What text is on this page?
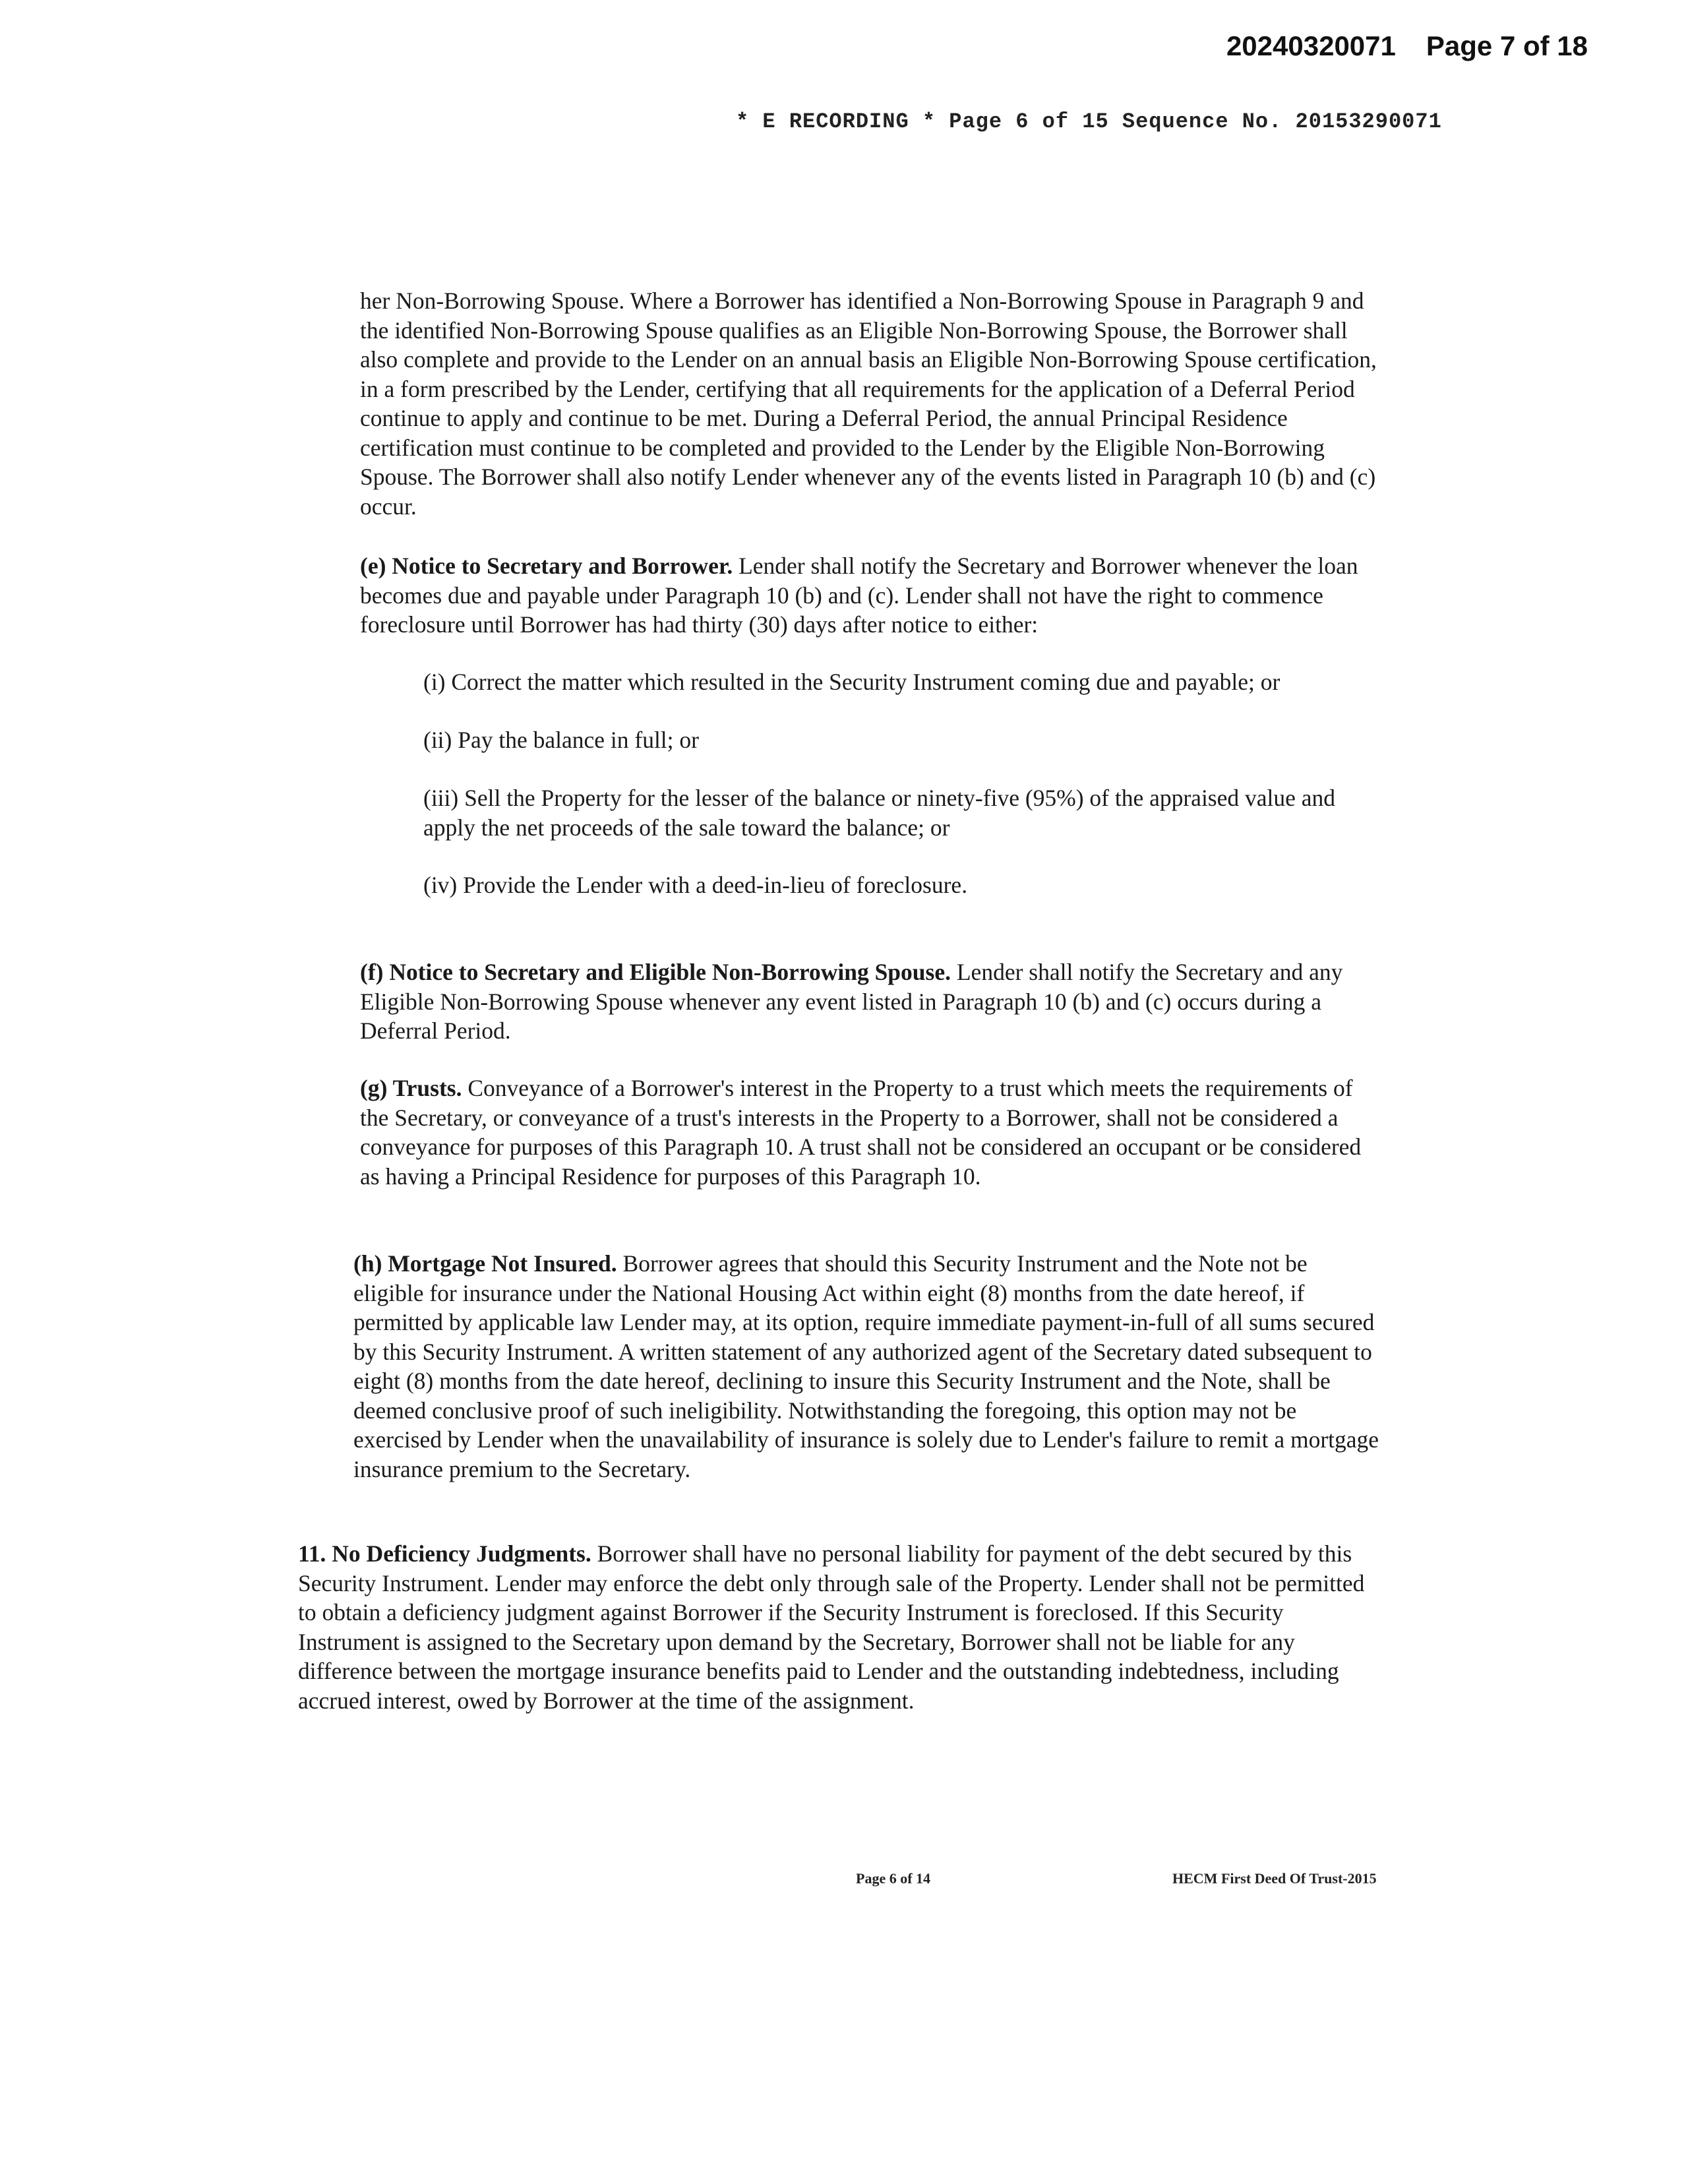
20240320071 Page 7 of 18
* E RECORDING * Page 6 of 15 Sequence No. 20153290071

her Non-Borrowing Spouse. Where a Borrower has identified a Non-Borrowing Spouse in Paragraph 9 and the identified Non-Borrowing Spouse qualifies as an Eligible Non-Borrowing Spouse, the Borrower shall also complete and provide to the Lender on an annual basis an Eligible Non-Borrowing Spouse certification, in a form prescribed by the Lender, certifying that all requirements for the application of a Deferral Period continue to apply and continue to be met. During a Deferral Period, the annual Principal Residence certification must continue to be completed and provided to the Lender by the Eligible Non-Borrowing Spouse. The Borrower shall also notify Lender whenever any of the events listed in Paragraph 10 (b) and (c) occur.

(e) Notice to Secretary and Borrower. Lender shall notify the Secretary and Borrower whenever the loan becomes due and payable under Paragraph 10 (b) and (c). Lender shall not have the right to commence foreclosure until Borrower has had thirty (30) days after notice to either:

(i) Correct the matter which resulted in the Security Instrument coming due and payable; or

(ii) Pay the balance in full; or

(iii) Sell the Property for the lesser of the balance or ninety-five (95%) of the appraised value and apply the net proceeds of the sale toward the balance; or

(iv) Provide the Lender with a deed-in-lieu of foreclosure.

(f) Notice to Secretary and Eligible Non-Borrowing Spouse. Lender shall notify the Secretary and any Eligible Non-Borrowing Spouse whenever any event listed in Paragraph 10 (b) and (c) occurs during a Deferral Period.

(g) Trusts. Conveyance of a Borrower's interest in the Property to a trust which meets the requirements of the Secretary, or conveyance of a trust's interests in the Property to a Borrower, shall not be considered a conveyance for purposes of this Paragraph 10. A trust shall not be considered an occupant or be considered as having a Principal Residence for purposes of this Paragraph 10.

(h) Mortgage Not Insured. Borrower agrees that should this Security Instrument and the Note not be eligible for insurance under the National Housing Act within eight (8) months from the date hereof, if permitted by applicable law Lender may, at its option, require immediate payment-in-full of all sums secured by this Security Instrument. A written statement of any authorized agent of the Secretary dated subsequent to eight (8) months from the date hereof, declining to insure this Security Instrument and the Note, shall be deemed conclusive proof of such ineligibility. Notwithstanding the foregoing, this option may not be exercised by Lender when the unavailability of insurance is solely due to Lender's failure to remit a mortgage insurance premium to the Secretary.

11. No Deficiency Judgments. Borrower shall have no personal liability for payment of the debt secured by this Security Instrument. Lender may enforce the debt only through sale of the Property. Lender shall not be permitted to obtain a deficiency judgment against Borrower if the Security Instrument is foreclosed. If this Security Instrument is assigned to the Secretary upon demand by the Secretary, Borrower shall not be liable for any difference between the mortgage insurance benefits paid to Lender and the outstanding indebtedness, including accrued interest, owed by Borrower at the time of the assignment.

Page 6 of 14	HECM First Deed Of Trust-2015
